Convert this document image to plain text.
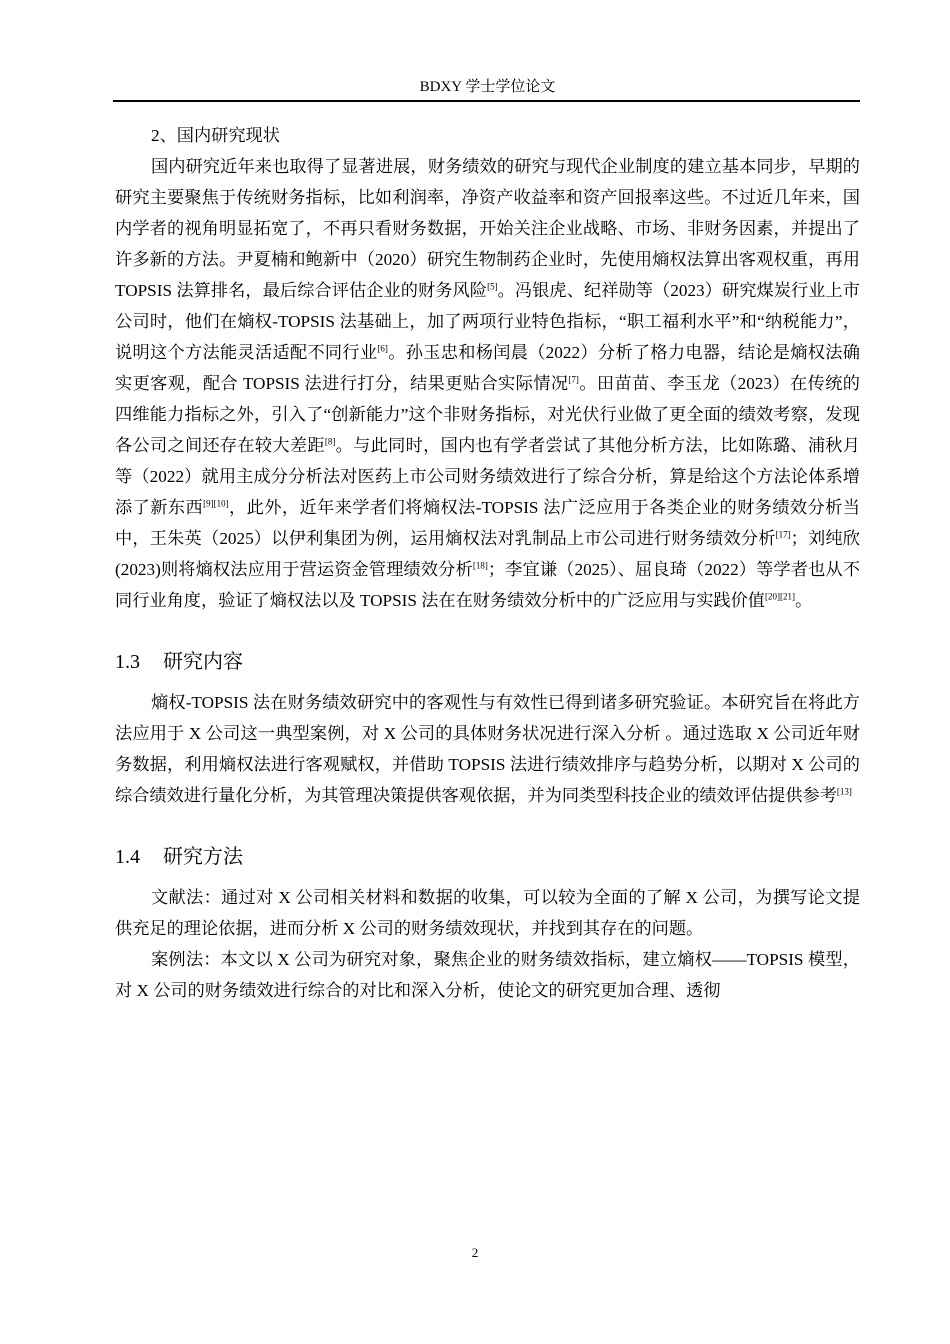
BDXY 学士学位论文

2、国内研究现状

国内研究近年来也取得了显著进展，财务绩效的研究与现代企业制度的建立基本同步，早期的研究主要聚焦于传统财务指标，比如利润率，净资产收益率和资产回报率这些。不过近几年来，国内学者的视角明显拓宽了，不再只看财务数据，开始关注企业战略、市场、非财务因素，并提出了许多新的方法。尹夏楠和鲍新中（2020）研究生物制药企业时，先使用熵权法算出客观权重，再用 TOPSIS 法算排名，最后综合评估企业的财务风险[5]。冯银虎、纪祥勋等（2023）研究煤炭行业上市公司时，他们在熵权-TOPSIS 法基础上，加了两项行业特色指标，“职工福利水平”和“纳税能力”，说明这个方法能灵活适配不同行业[6]。孙玉忠和杨闰晨（2022）分析了格力电器，结论是熵权法确实更客观，配合 TOPSIS 法进行打分，结果更贴合实际情况[7]。田苗苗、李玉龙（2023）在传统的四维能力指标之外，引入了“创新能力”这个非财务指标，对光伏行业做了更全面的绩效考察，发现各公司之间还存在较大差距[8]。与此同时，国内也有学者尝试了其他分析方法，比如陈璐、浦秋月等（2022）就用主成分分析法对医药上市公司财务绩效进行了综合分析，算是给这个方法论体系增添了新东西[9][10]，此外，近年来学者们将熵权法-TOPSIS 法广泛应用于各类企业的财务绩效分析当中，王朱英（2025）以伊利集团为例，运用熵权法对乳制品上市公司进行财务绩效分析[17]；刘纯欣(2023)则将熵权法应用于营运资金管理绩效分析[18]；李宜谦（2025）、屈良琦（2022）等学者也从不同行业角度，验证了熵权法以及 TOPSIS 法在在财务绩效分析中的广泛应用与实践价值[20][21]。

1.3 研究内容

熵权-TOPSIS 法在财务绩效研究中的客观性与有效性已得到诸多研究验证。本研究旨在将此方法应用于 X 公司这一典型案例，对 X 公司的具体财务状况进行深入分析 。通过选取 X 公司近年财务数据，利用熵权法进行客观赋权，并借助 TOPSIS 法进行绩效排序与趋势分析，以期对 X 公司的综合绩效进行量化分析，为其管理决策提供客观依据，并为同类型科技企业的绩效评估提供参考[13]

1.4 研究方法

文献法：通过对 X 公司相关材料和数据的收集，可以较为全面的了解 X 公司，为撰写论文提供充足的理论依据，进而分析 X 公司的财务绩效现状，并找到其存在的问题。

案例法：本文以 X 公司为研究对象，聚焦企业的财务绩效指标，建立熵权——TOPSIS 模型，对 X 公司的财务绩效进行综合的对比和深入分析，使论文的研究更加合理、透彻

2
